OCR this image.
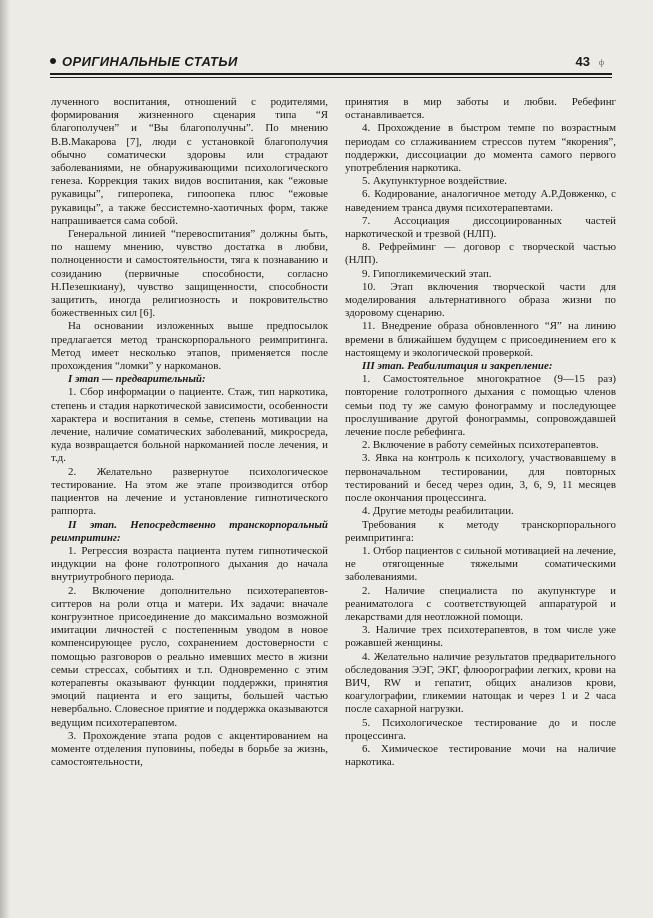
ОРИГИНАЛЬНЫЕ СТАТЬИ	43 ф

лученного воспитания, отношений с родителями, формирования жизненного сценария типа “Я благополучен” и “Вы благополучны”. По мнению В.В.Макарова [7], люди с установкой благополучия обычно соматически здоровы или страдают заболеваниями, не обнаруживающими психологического генеза. Коррекция таких видов воспитания, как “ежовые рукавицы”, гиперопека, гипоопека плюс “ежовые рукавицы”, а также бессистемно-хаотичных форм, также напрашивается сама собой.

Генеральной линией “перевоспитания” должны быть, по нашему мнению, чувство достатка в любви, полноценности и самостоятельности, тяга к познаванию и созиданию (первичные способности, согласно Н.Пезешкиану), чувство защищенности, способности защитить, иногда религиозность и покровительство божественных сил [6].

На основании изложенных выше предпосылок предлагается метод транскорпорального реимпритинга. Метод имеет несколько этапов, применяется после прохождения “ломки” у наркоманов.

I этап — предварительный:

1. Сбор информации о пациенте. Стаж, тип наркотика, степень и стадия наркотической зависимости, особенности характера и воспитания в семье, степень мотивации на лечение, наличие соматических заболеваний, микросреда, куда возвращается больной наркоманией после лечения, и т.д.

2. Желательно развернутое психологическое тестирование. На этом же этапе производится отбор пациентов на лечение и установление гипнотического раппорта.

II этап. Непосредственно транскорпоральный реимпритинг:

1. Регрессия возраста пациента путем гипнотической индукции на фоне голотропного дыхания до начала внутриутробного периода.

2. Включение дополнительно психотерапевтов-ситтеров на роли отца и матери. Их задачи: вначале конгруэнтное присоединение до максимально возможной имитации личностей с постепенным уводом в новое компенсирующее русло, сохранением достоверности с помощью разговоров о реально имевших место в жизни семьи стрессах, событиях и т.п. Одновременно с этим котерапевты оказывают функции поддержки, принятия эмоций пациента и его защиты, большей частью невербально. Словесное приятие и поддержка оказываются ведущим психотерапевтом.

3. Прохождение этапа родов с акцентированием на моменте отделения пуповины, победы в борьбе за жизнь, самостоятельности,

принятия в мир заботы и любви. Ребефинг останавливается.

4. Прохождение в быстром темпе по возрастным периодам со сглаживанием стрессов путем “якорения”, поддержки, диссоциации до момента самого первого употребления наркотика.

5. Акупунктурное воздействие.

6. Кодирование, аналогичное методу А.Р.Довженко, с наведением транса двумя психотерапевтами.

7. Ассоциация диссоциированных частей наркотической и трезвой (НЛП).

8. Рефрейминг — договор с творческой частью (НЛП).

9. Гипогликемический этап.

10. Этап включения творческой части для моделирования альтернативного образа жизни по здоровому сценарию.

11. Внедрение образа обновленного “Я” на линию времени в ближайшем будущем с присоединением его к настоящему и экологической проверкой.

III этап. Реабилитация и закрепление:

1. Самостоятельное многократное (9—15 раз) повторение голотропного дыхания с помощью членов семьи под ту же самую фонограмму и последующее прослушивание другой фонограммы, сопровождавшей лечение после ребефинга.

2. Включение в работу семейных психотерапевтов.

3. Явка на контроль к психологу, участвовавшему в первоначальном тестировании, для повторных тестирований и бесед через один, 3, 6, 9, 11 месяцев после окончания процессинга.

4. Другие методы реабилитации.

Требования к методу транскорпорального реимпритинга:

1. Отбор пациентов с сильной мотивацией на лечение, не отягощенные тяжелыми соматическими заболеваниями.

2. Наличие специалиста по акупунктуре и реаниматолога с соответствующей аппаратурой и лекарствами для неотложной помощи.

3. Наличие трех психотерапевтов, в том числе уже рожавшей женщины.

4. Желательно наличие результатов предварительного обследования ЭЭГ, ЭКГ, флюорографии легких, крови на ВИЧ, RW и гепатит, общих анализов крови, коагулографии, гликемии натощак и через 1 и 2 часа после сахарной нагрузки.

5. Психологическое тестирование до и после процессинга.

6. Химическое тестирование мочи на наличие наркотика.
